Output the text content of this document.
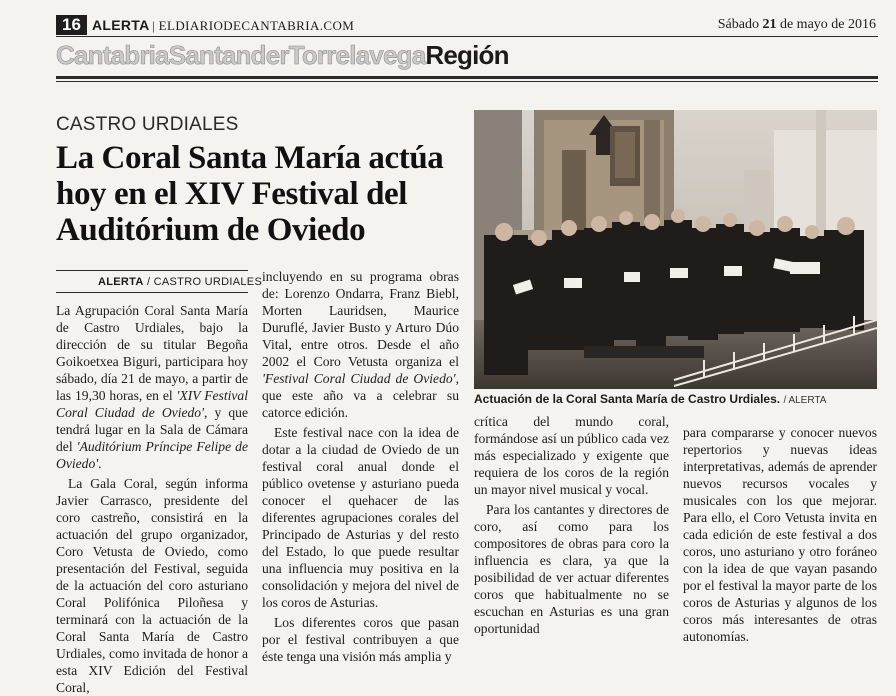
16 ALERTA | ELDIARIODECANTABRIA.COM	Sábado 21 de mayo de 2016
CantabriaSantanderTorrelavegaRegión
CASTRO URDIALES
La Coral Santa María actúa hoy en el XIV Festival del Auditórium de Oviedo
ALERTA / CASTRO URDIALES

La Agrupación Coral Santa María de Castro Urdiales, bajo la dirección de su titular Begoña Goikoetxea Biguri, participara hoy sábado, día 21 de mayo, a partir de las 19,30 horas, en el 'XIV Festival Coral Ciudad de Oviedo', y que tendrá lugar en la Sala de Cámara del 'Auditórium Príncipe Felipe de Oviedo'.

La Gala Coral, según informa Javier Carrasco, presidente del coro castreño, consistirá en la actuación del grupo organizador, Coro Vetusta de Oviedo, como presentación del Festival, seguida de la actuación del coro asturiano Coral Polifónica Piloñesa y terminará con la actuación de la Coral Santa María de Castro Urdiales, como invitada de honor a esta XIV Edición del Festival Coral,

incluyendo en su programa obras de: Lorenzo Ondarra, Franz Biebl, Morten Lauridsen, Maurice Duruflé, Javier Busto y Arturo Dúo Vital, entre otros. Desde el año 2002 el Coro Vetusta organiza el 'Festival Coral Ciudad de Oviedo', que este año va a celebrar su catorce edición.

Este festival nace con la idea de dotar a la ciudad de Oviedo de un festival coral anual donde el público ovetense y asturiano pueda conocer el quehacer de las diferentes agrupaciones corales del Principado de Asturias y del resto del Estado, lo que puede resultar una influencia muy positiva en la consolidación y mejora del nivel de los coros de Asturias.

Los diferentes coros que pasan por el festival contribuyen a que éste tenga una visión más amplia y

Actuación de la Coral Santa María de Castro Urdiales. / ALERTA

crítica del mundo coral, formándose así un público cada vez más especializado y exigente que requiera de los coros de la región un mayor nivel musical y vocal.

Para los cantantes y directores de coro, así como para los compositores de obras para coro la influencia es clara, ya que la posibilidad de ver actuar diferentes coros que habitualmente no se escuchan en Asturias es una gran oportunidad

para compararse y conocer nuevos repertorios y nuevas ideas interpretativas, además de aprender nuevos recursos vocales y musicales con los que mejorar. Para ello, el Coro Vetusta invita en cada edición de este festival a dos coros, uno asturiano y otro foráneo con la idea de que vayan pasando por el festival la mayor parte de los coros de Asturias y algunos de los coros más interesantes de otras autonomías.
